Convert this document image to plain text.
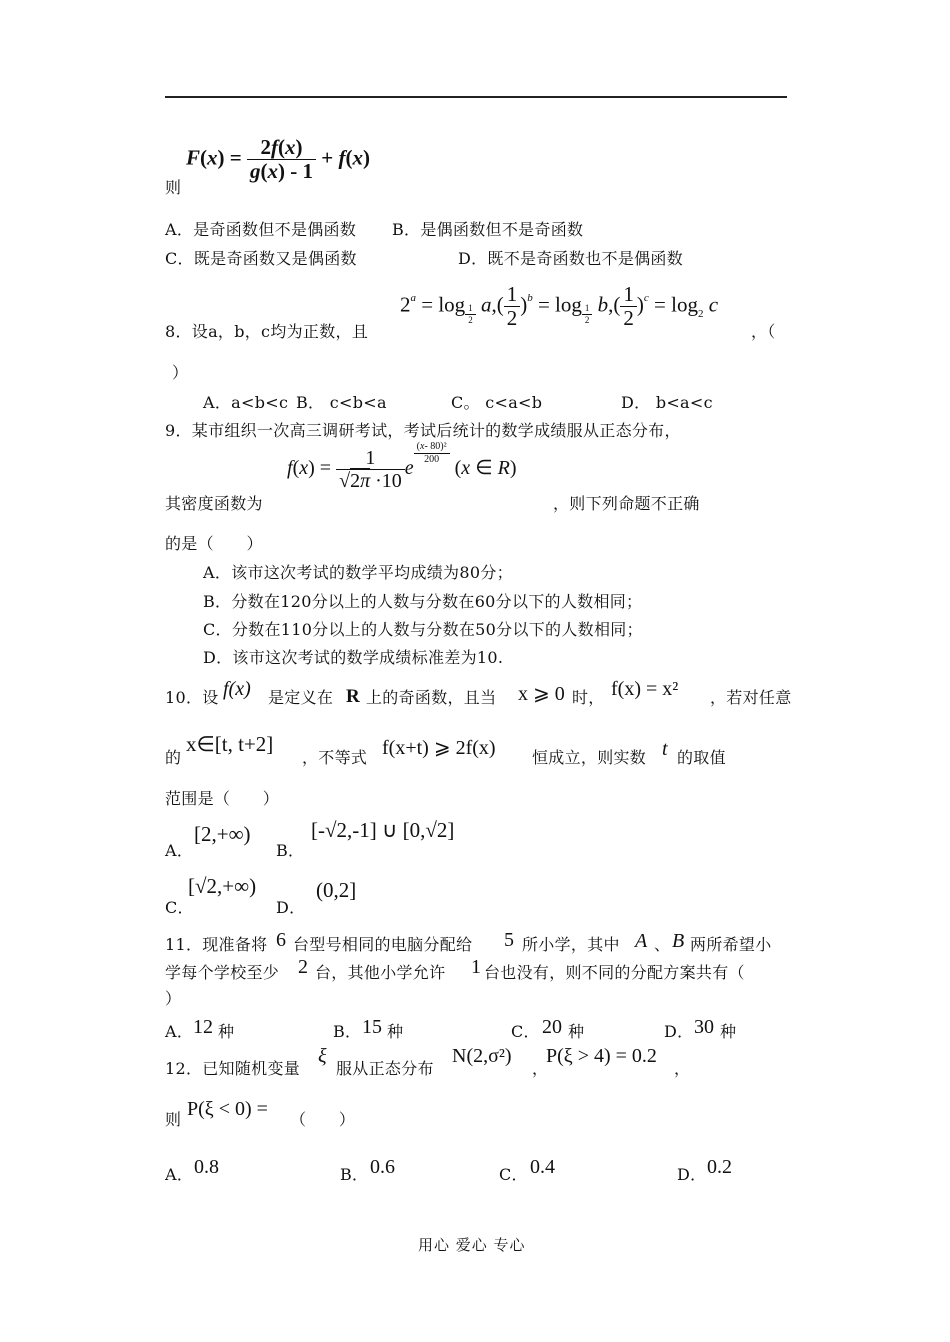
$F(x) = \frac{2f(x)}{g(x) - 1} + f(x)$
则
A．是奇函数但不是偶函数 B．是偶函数但不是奇函数
C．既是奇函数又是偶函数	D．既不是奇函数也不是偶函数
$2^a = \log _{\frac{1}{2}}$ $a,( \frac{1}{2} )^b = \log _{\frac{1}{2}}$ $b,( \frac{1}{2} )^c = \log_2 c$
8．设a，b，c均为正数，且	，（
）
A．a<b<c B． c<b<a	C。 c<a<b	D． b<a<c
9．某市组织一次高三调研考试，考试后统计的数学成绩服从正态分布，
$f(x) = \frac{1}{√2\pi \cdot 10}$ e
$^{\frac{\text{(x- 80)²}}{200}}$
(x ∈ R)
其密度函数为	，则下列命题不正确
的是（　　）
A．该市这次考试的数学平均成绩为80分；
B．分数在120分以上的人数与分数在60分以下的人数相同；
C．分数在110分以上的人数与分数在50分以下的人数相同；
D．该市这次考试的数学成绩标准差为10.
10．设 f(x) 是定义在 R 上的奇函数，且当 x ⩾ 0 时， f(x) = x² ，若对任意
的
x∈[t, t+2]
，不等式 f(x+t) ⩾ 2f(x) 恒成立，则实数 t 的取值
范围是（　　）
A．
[2,+∞)
B．
[-√2,-1] ∪ [0,√2]
C．
[√2,+∞)
D．
(0,2]
11．现准备将 6 台型号相同的电脑分配给 5 所小学，其中 A 、 B 两所希望小
学每个学校至少 2 台，其他小学允许 1 台也没有，则不同的分配方案共有（
）
A． 12 种	B． 15 种	C． 20 种	D． 30 种
12．已知随机变量
ξ
服从正态分布
N(2,σ²)
，
P(ξ > 4) = 0.2
，
则 P(ξ < 0) = （　　）
A． 0.8	B． 0.6	C． 0.4	D． 0.2
用心 爱心 专心
